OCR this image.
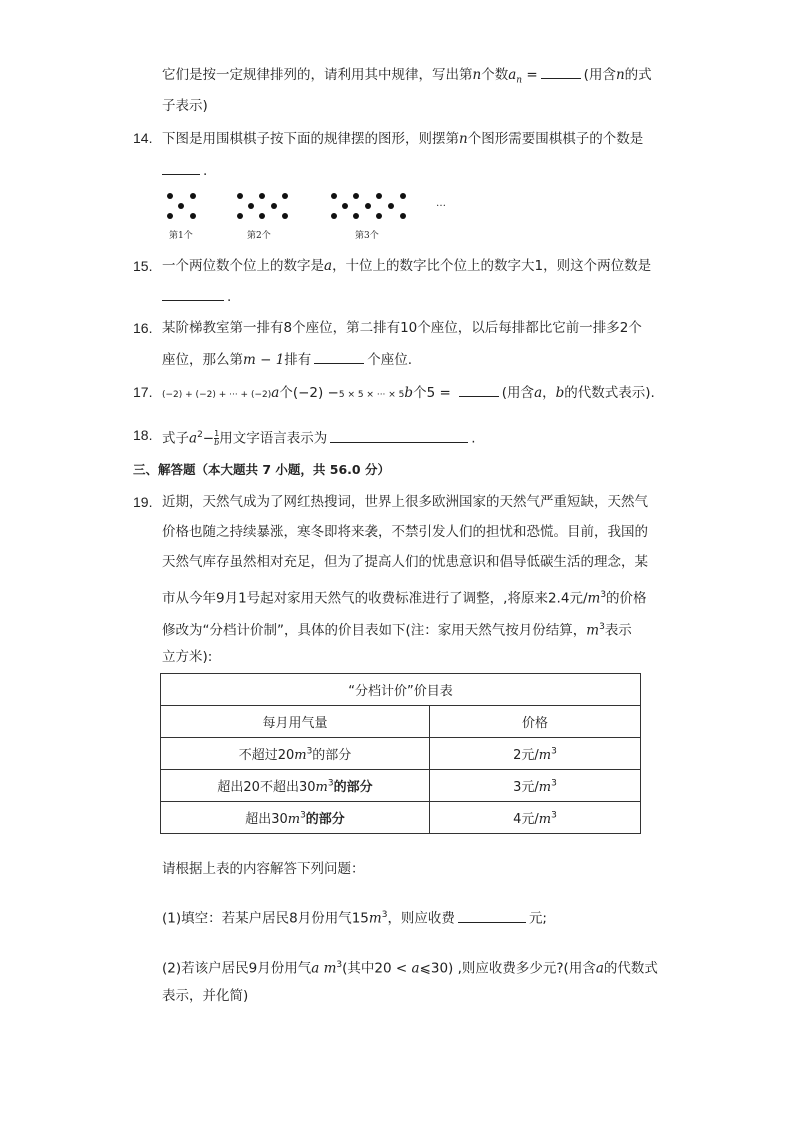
它们是按一定规律排列的，请利用其中规律，写出第n个数$a_n$ =	(用含n的式
子表示)
14. 下图是用围棋棋子按下面的规律摆的图形，则摆第n个图形需要围棋棋子的个数是
.
…
第1个	第2个	第3个
15. 一个两位数个位上的数字是a，十位上的数字比个位上的数字大1，则这个两位数是
.
16. 某阶梯教室第一排有8个座位，第二排有10个座位，以后每排都比它前一排多2个
座位，那么第m − 1排有	个座位.
17. (−2) + (−2) + ··· + (−2)a个(−2) −5 × 5 × ··· × 5b个5 =	(用含a，b的代数式表示).
18. 式子$a^2- \frac{1}{b}$ 用文字语言表示为	.
三、解答题（本大题共 7 小题，共 56.0 分）
19. 近期，天然气成为了网红热搜词，世界上很多欧洲国家的天然气严重短缺，天然气
价格也随之持续暴涨，寒冬即将来袭，不禁引发人们的担忧和恐慌。目前，我国的
天然气库存虽然相对充足，但为了提高人们的忧患意识和倡导低碳生活的理念，某
市从今年9月1号起对家用天然气的收费标准进行了调整，,将原来2.4元$/m^3$的价格
修改为“分档计价制”，具体的价目表如下(注：家用天然气按月份结算，$m^3$表示
立方米):
“分档计价”价目表	
每月用气量	价格
不超过$20m^3$的部分	2元$/m^3$
超出20不超出$30m^3$的部分	3元$/m^3$
超出$30m^3$的部分	4元$/m^3$
请根据上表的内容解答下列问题：
(1)填空：若某户居民8月份用气$15m^3$，则应收费	元;
(2)若该户居民9月份用气a $m^3$(其中20 < a⩽30) ,则应收费多少元?(用含a的代数式
表示，并化简)
